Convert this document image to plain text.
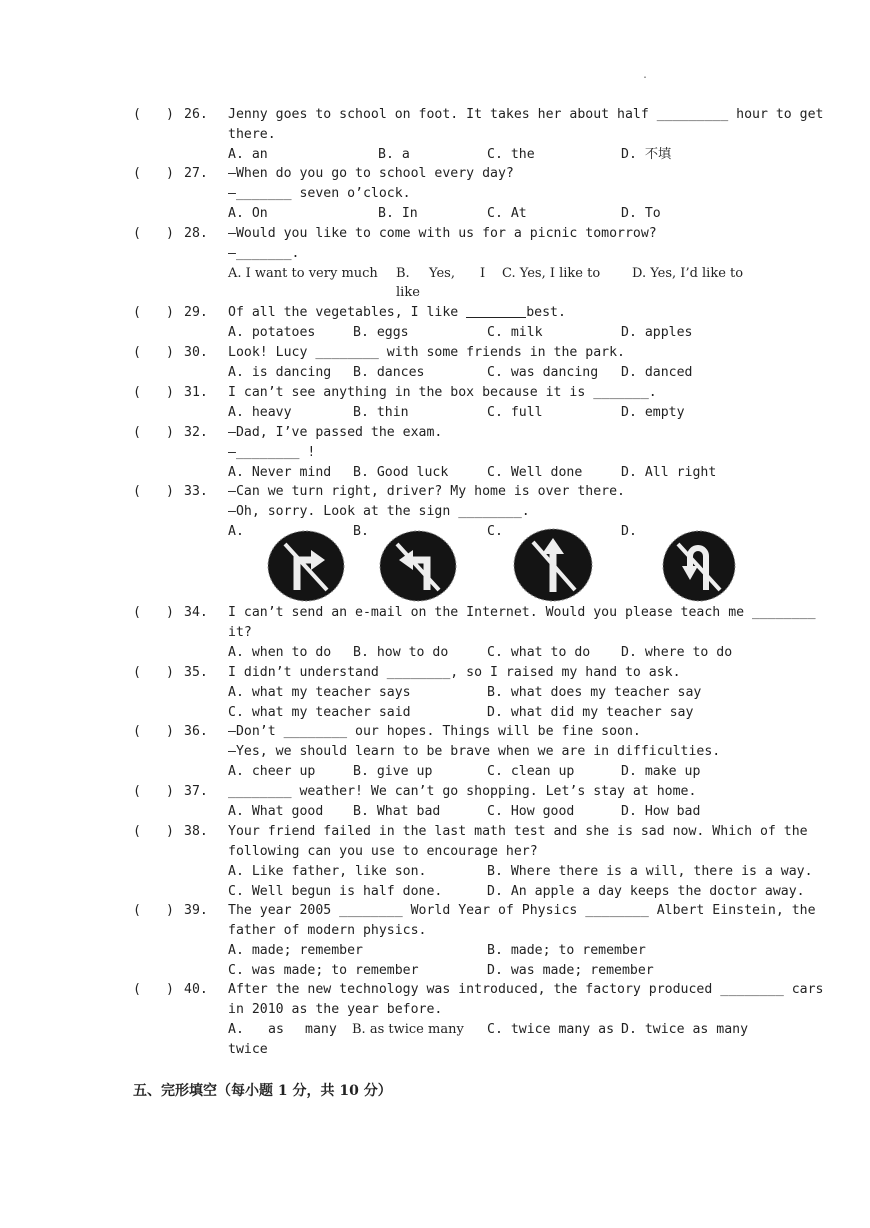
.
( ) 26. Jenny goes to school on foot. It takes her about half _________ hour to get
there.
A. an	B. a	C. the	D. 不填
( ) 27. —When do you go to school every day?
—_______ seven o’clock.
A. On	B. In	C. At	D. To
( ) 28. —Would you like to come with us for a picnic tomorrow?
—_______.
A. I want to very much B. Yes, I C. Yes, I like to D. Yes, I’d like to
like
( ) 29. Of all the vegetables, I like	best.
A. potatoes	B. eggs	C. milk	D. apples
( ) 30. Look! Lucy ________ with some friends in the park.
A. is dancing B. dances	C. was dancing D. danced
( ) 31. I can’t see anything in the box because it is _______.
A. heavy	B. thin	C. full	D. empty
( ) 32. —Dad, I’ve passed the exam.
—________ !
A. Never mind B. Good luck	C. Well done	D. All right
( ) 33. —Can we turn right, driver? My home is over there.
—Oh, sorry. Look at the sign ________.
A.	B.	C.	D.
( ) 34. I can’t send an e-mail on the Internet. Would you please teach me ________
it?
A. when to do B. how to do	C. what to do D. where to do
( ) 35. I didn’t understand ________, so I raised my hand to ask.
A. what my teacher says	B. what does my teacher say
C. what my teacher said	D. what did my teacher say
( ) 36. —Don’t ________ our hopes. Things will be fine soon.
—Yes, we should learn to be brave when we are in difficulties.
A. cheer up	B. give up	C. clean up	D. make up
( ) 37. ________ weather! We can’t go shopping. Let’s stay at home.
A. What good B. What bad	C. How good	D. How bad
( ) 38. Your friend failed in the last math test and she is sad now. Which of the
following can you use to encourage her?
A. Like father, like son.	B. Where there is a will, there is a way.
C. Well begun is half done.	D. An apple a day keeps the doctor away.
( ) 39. The year 2005 ________ World Year of Physics ________ Albert Einstein, the
father of modern physics.
A. made; remember	B. made; to remember
C. was made; to remember	D. was made; remember
( ) 40. After the new technology was introduced, the factory produced ________ cars
in 2010 as the year before.
A. as many B. as twice many C. twice many as D. twice as many
twice
五、完形填空（每小题 1 分，共 10 分）
